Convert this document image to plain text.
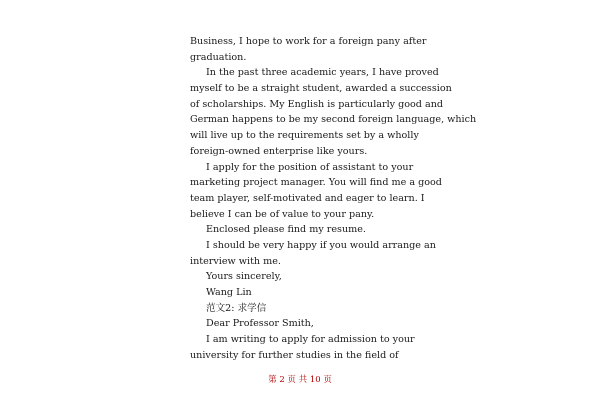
Business, I hope to work for a foreign pany after
graduation.
In the past three academic years, I have proved
myself to be a straight student, awarded a succession
of scholarships. My English is particularly good and
German happens to be my second foreign language, which
will live up to the requirements set by a wholly
foreign-owned enterprise like yours.
I apply for the position of assistant to your
marketing project manager. You will find me a good
team player, self-motivated and eager to learn. I
believe I can be of value to your pany.
Enclosed please find my resume.
I should be very happy if you would arrange an
interview with me.
Yours sincerely,
Wang Lin
范文2: 求学信
Dear Professor Smith,
I am writing to apply for admission to your
university for further studies in the field of
第 2 页 共 10 页
